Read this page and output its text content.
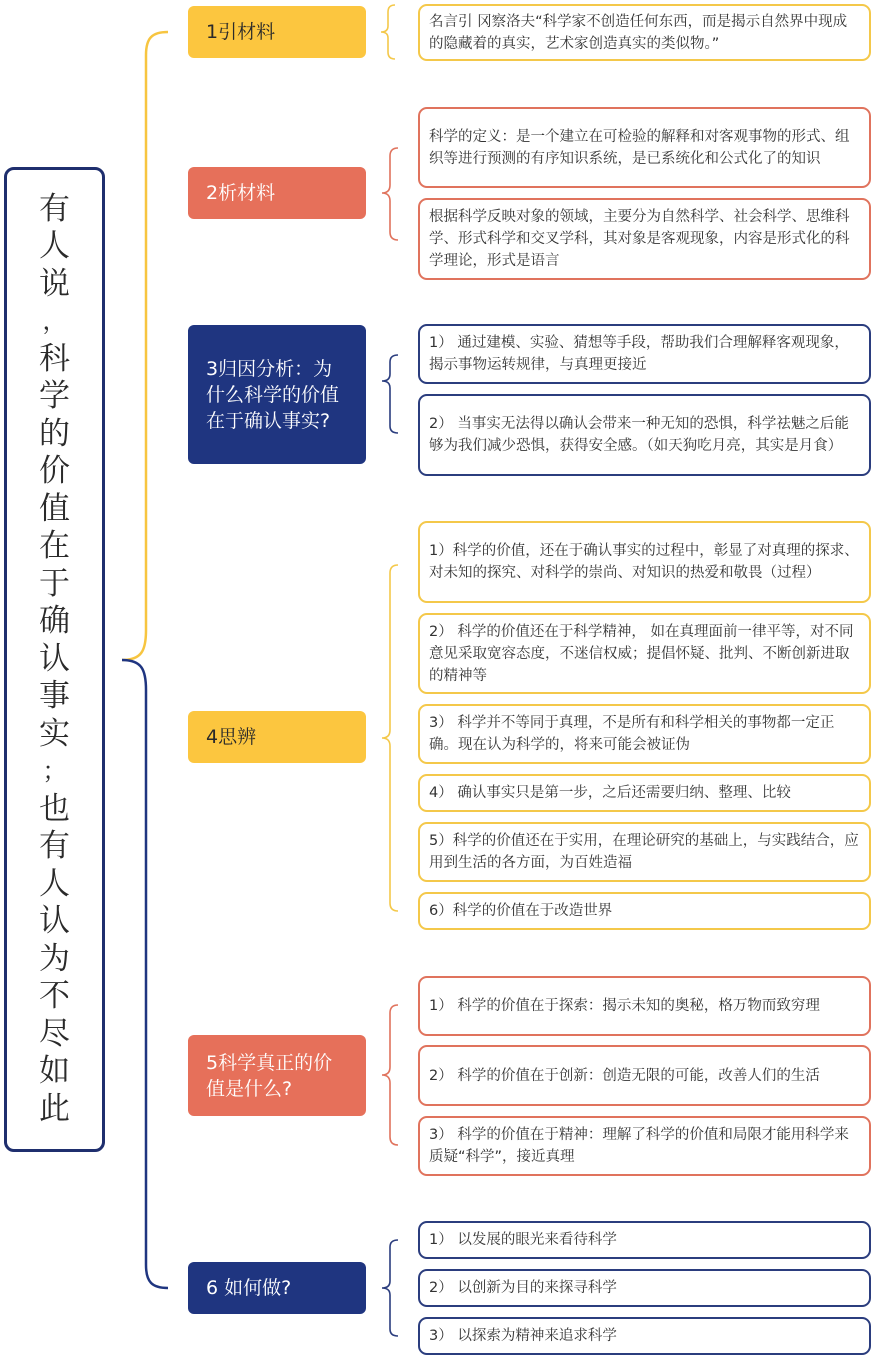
有
人
说
，
科
学
的
价
值
在
于
确
认
事
实
；
也
有
人
认
为
不
尽
如
此
1引材料	名言引 冈察洛夫“科学家不创造任何东西，而是揭示自然界中现成的隐藏着的真实，艺术家创造真实的类似物。”
2析材料
科学的定义：是一个建立在可检验的解释和对客观事物的形式、组织等进行预测的有序知识系统，是已系统化和公式化了的知识
根据科学反映对象的领域，主要分为自然科学、社会科学、思维科学、形式科学和交叉学科，其对象是客观现象，内容是形式化的科学理论，形式是语言
3归因分析：为什么科学的价值在于确认事实?
1） 通过建模、实验、猜想等手段，帮助我们合理解释客观现象，揭示事物运转规律，与真理更接近
2） 当事实无法得以确认会带来一种无知的恐惧，科学祛魅之后能够为我们减少恐惧，获得安全感。（如天狗吃月亮，其实是月食）
4思辨
1）科学的价值，还在于确认事实的过程中，彰显了对真理的探求、对未知的探究、对科学的崇尚、对知识的热爱和敬畏（过程）
2） 科学的价值还在于科学精神， 如在真理面前一律平等，对不同意见采取宽容态度，不迷信权威；提倡怀疑、批判、不断创新进取的精神等
3） 科学并不等同于真理，不是所有和科学相关的事物都一定正确。现在认为科学的，将来可能会被证伪
4） 确认事实只是第一步，之后还需要归纳、整理、比较
5）科学的价值还在于实用，在理论研究的基础上，与实践结合，应用到生活的各方面，为百姓造福
6）科学的价值在于改造世界
5科学真正的价值是什么?
1） 科学的价值在于探索：揭示未知的奥秘，格万物而致穷理
2） 科学的价值在于创新：创造无限的可能，改善人们的生活
3） 科学的价值在于精神：理解了科学的价值和局限才能用科学来质疑“科学”，接近真理
6 如何做?
1） 以发展的眼光来看待科学
2） 以创新为目的来探寻科学
3） 以探索为精神来追求科学
